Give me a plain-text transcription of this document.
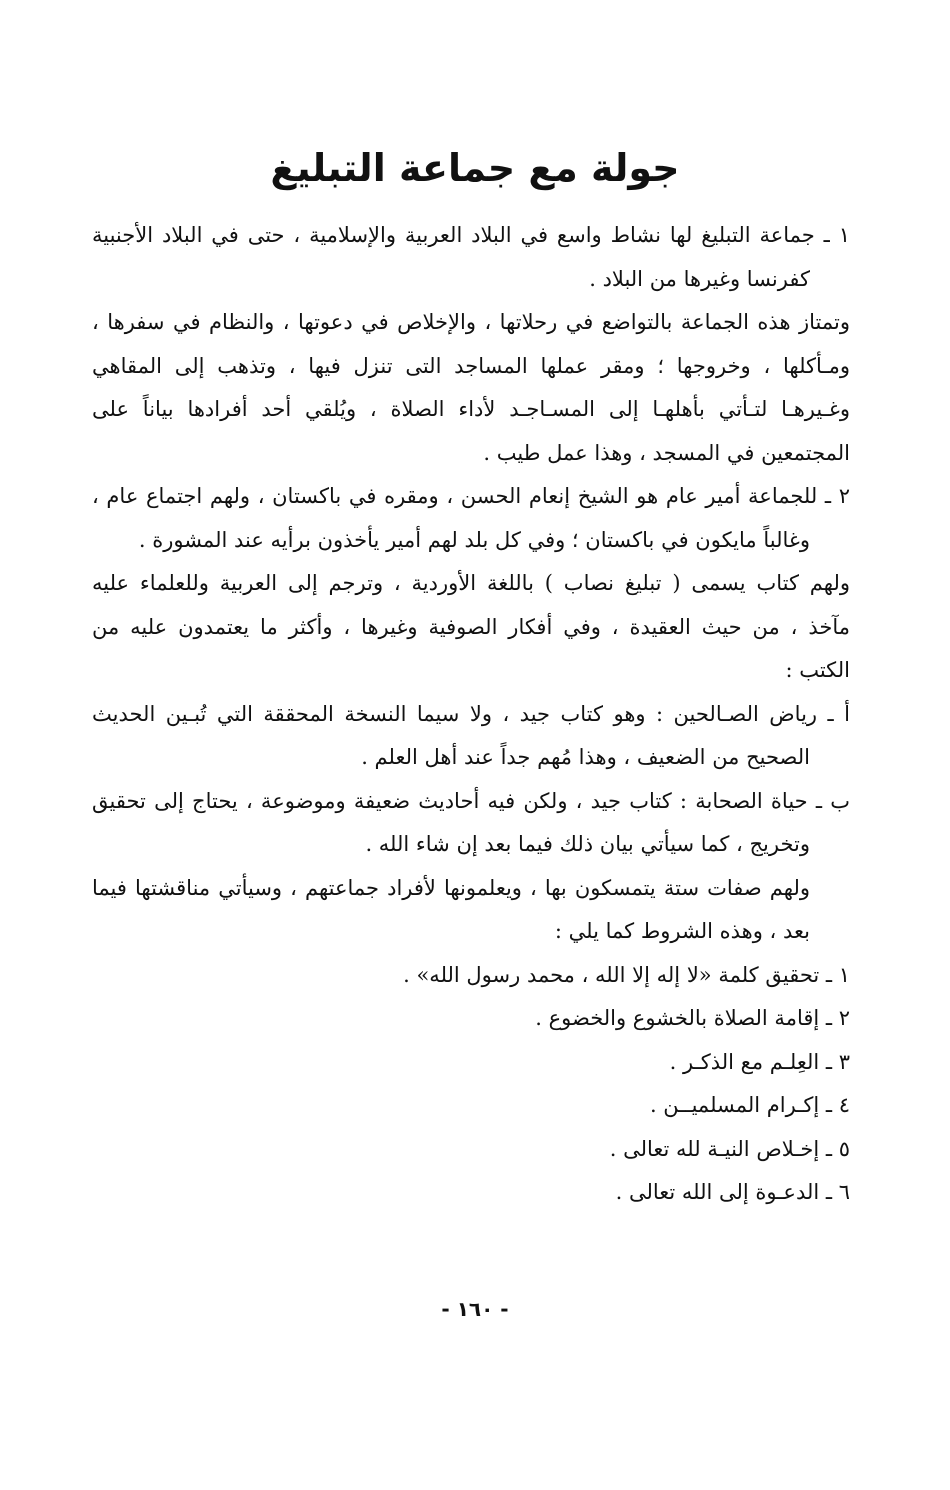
جولة مع جماعة التبليغ
١ ـ جماعة التبليغ لها نشاط واسع في البلاد العربية والإسلامية ، حتى في البلاد الأجنبية
كفرنسا وغيرها من البلاد .
وتمتاز هذه الجماعة بالتواضع في رحلاتها ، والإخلاص في دعوتها ، والنظام في سفرها ،
ومـأكلها ، وخروجها ؛ ومقر عملها المساجد التى تنزل فيها ، وتذهب إلى المقاهي
وغـيرهـا لتـأتي بأهلهـا إلى المسـاجـد لأداء الصلاة ، ويُلقي أحد أفرادها بياناً على
المجتمعين في المسجد ، وهذا عمل طيب .
٢ ـ للجماعة أمير عام هو الشيخ إنعام الحسن ، ومقره في باكستان ، ولهم اجتماع عام ،
وغالباً مايكون في باكستان ؛ وفي كل بلد لهم أمير يأخذون برأيه عند المشورة .
ولهم كتاب يسمى ( تبليغ نصاب ) باللغة الأوردية ، وترجم إلى العربية وللعلماء عليه
مآخذ ، من حيث العقيدة ، وفي أفكار الصوفية وغيرها ، وأكثر ما يعتمدون عليه من
الكتب :
أ ـ رياض الصـالحين : وهو كتاب جيد ، ولا سيما النسخة المحققة التي تُبـين الحديث
الصحيح من الضعيف ، وهذا مُهم جداً عند أهل العلم .
ب ـ حياة الصحابة : كتاب جيد ، ولكن فيه أحاديث ضعيفة وموضوعة ، يحتاج إلى تحقيق
وتخريج ، كما سيأتي بيان ذلك فيما بعد إن شاء الله .
ولهم صفات ستة يتمسكون بها ، ويعلمونها لأفراد جماعتهم ، وسيأتي مناقشتها فيما
بعد ، وهذه الشروط كما يلي :
١ ـ تحقيق كلمة «لا إله إلا الله ، محمد رسول الله» .
٢ ـ إقامة الصلاة بالخشوع والخضوع .
٣ ـ العِلـم مع الذكـر .
٤ ـ إكـرام المسلميــن .
٥ ـ إخـلاص النيـة لله تعالى .
٦ ـ الدعـوة إلى الله تعالى .
- ١٦٠ -
